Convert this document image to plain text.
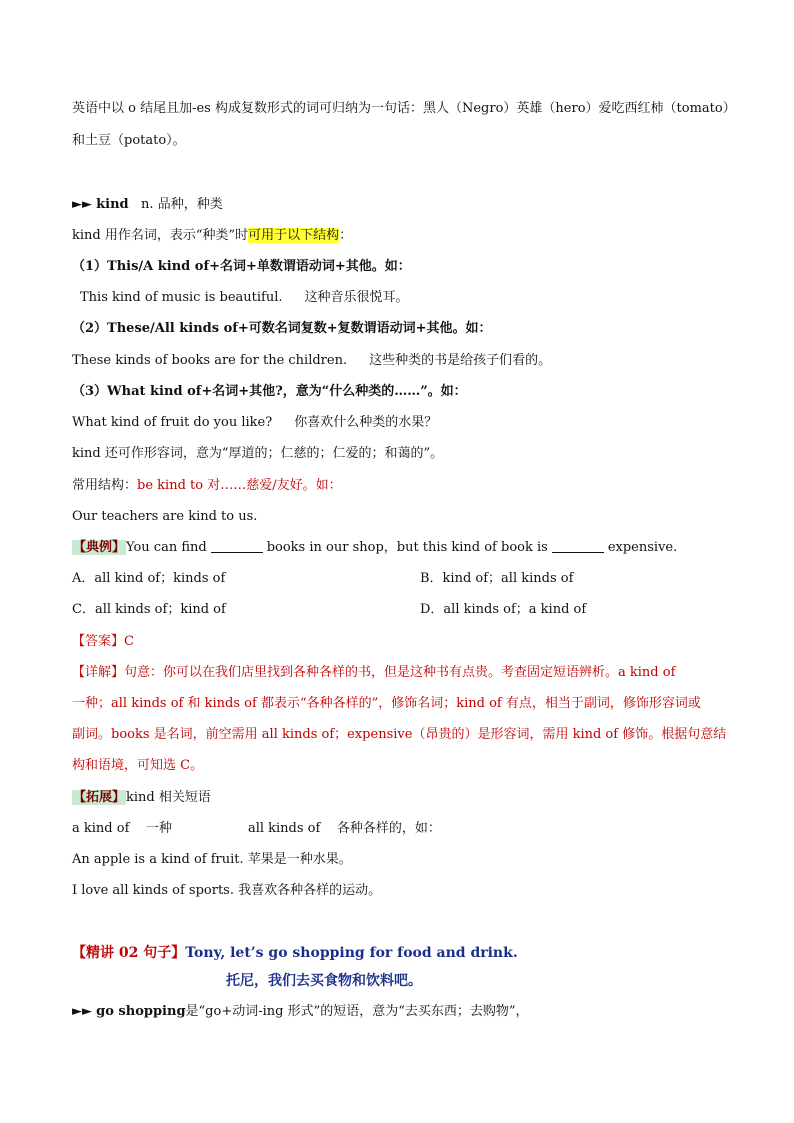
英语中以 o 结尾且加-es 构成复数形式的词可归纳为一句话：黑人（Negro）英雄（hero）爱吃西红柿（tomato）
和土豆（potato）。
►► kind n. 品种，种类
kind 用作名词，表示“种类”时可用于以下结构：
（1）This/A kind of+名词+单数谓语动词+其他。如：
This kind of music is beautiful. 这种音乐很悦耳。
（2）These/All kinds of+可数名词复数+复数谓语动词+其他。如：
These kinds of books are for the children. 这些种类的书是给孩子们看的。
（3）What kind of+名词+其他?，意为“什么种类的……”。如：
What kind of fruit do you like? 你喜欢什么种类的水果？
kind 还可作形容词，意为“厚道的；仁慈的；仁爱的；和蔼的”。
常用结构：be kind to 对……慈爱/友好。如：
Our teachers are kind to us.
【典例】You can find	books in our shop，but this kind of book is	expensive.
A．all kind of；kinds of	B．kind of；all kinds of
C．all kinds of；kind of	D．all kinds of；a kind of
【答案】C
【详解】句意：你可以在我们店里找到各种各样的书，但是这种书有点贵。考查固定短语辨析。a kind of
一种；all kinds of 和 kinds of 都表示“各种各样的”，修饰名词；kind of 有点，相当于副词，修饰形容词或
副词。books 是名词，前空需用 all kinds of；expensive（昂贵的）是形容词，需用 kind of 修饰。根据句意结
构和语境，可知选 C。
【拓展】kind 相关短语
a kind of 一种	all kinds of 各种各样的，如：
An apple is a kind of fruit. 苹果是一种水果。
I love all kinds of sports. 我喜欢各种各样的运动。
【精讲 02 句子】Tony, let’s go shopping for food and drink.
托尼，我们去买食物和饮料吧。
►► go shopping是“go+动词-ing 形式”的短语，意为“去买东西；去购物”，
